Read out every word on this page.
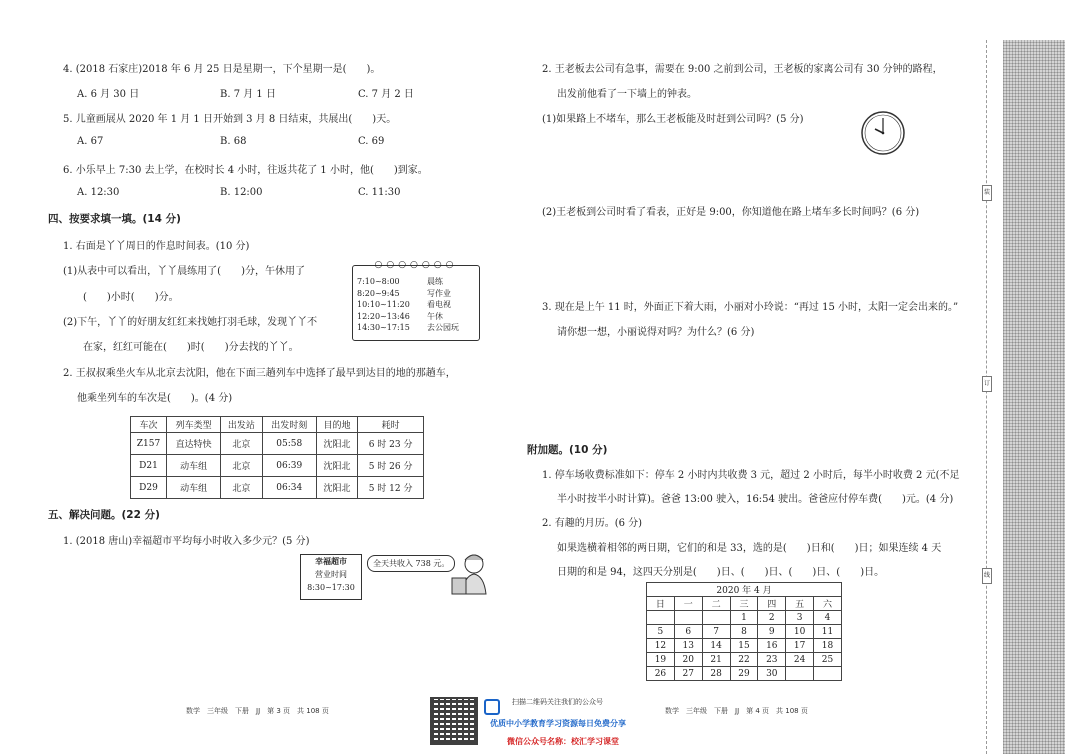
4. (2018 石家庄)2018 年 6 月 25 日是星期一，下个星期一是(　　)。
A. 6 月 30 日	B. 7 月 1 日	C. 7 月 2 日
5. 儿童画展从 2020 年 1 月 1 日开始到 3 月 8 日结束，共展出(　　)天。
A. 67	B. 68	C. 69
6. 小乐早上 7:30 去上学，在校时长 4 小时，往返共花了 1 小时，他(　　)到家。
A. 12:30	B. 12:00	C. 11:30
四、按要求填一填。(14 分)
1. 右面是丫丫周日的作息时间表。(10 分)
(1)从表中可以看出，丫丫晨练用了(　　)分，午休用了
(　　)小时(　　)分。
(2)下午，丫丫的好朋友红红来找她打羽毛球，发现丫丫不
在家，红红可能在(　　)时(　　)分去找的丫丫。
○○○○○○○
7:10~8:00	晨练
8:20~9:45	写作业
10:10~11:20	看电视
12:20~13:46	午休
14:30~17:15	去公园玩
2. 王叔叔乘坐火车从北京去沈阳，他在下面三趟列车中选择了最早到达目的地的那趟车，
他乘坐列车的车次是(　　)。(4 分)
车次	列车类型	出发站	出发时刻	目的地	耗时
Z157	直达特快	北京	05:58	沈阳北	6 时 23 分
D21	动车组	北京	06:39	沈阳北	5 时 26 分
D29	动车组	北京	06:34	沈阳北	5 时 12 分
五、解决问题。(22 分)
1. (2018 唐山)幸福超市平均每小时收入多少元？(5 分)
幸福超市
营业时间
8:30~17:30
全天共收入 738 元。
2. 王老板去公司有急事，需要在 9:00 之前到公司，王老板的家离公司有 30 分钟的路程，
出发前他看了一下墙上的钟表。
(1)如果路上不堵车，那么王老板能及时赶到公司吗？(5 分)
(2)王老板到公司时看了看表，正好是 9:00，你知道他在路上堵车多长时间吗？(6 分)
3. 现在是上午 11 时，外面正下着大雨，小丽对小玲说：“再过 15 小时，太阳一定会出来的。”
请你想一想，小丽说得对吗？为什么？(6 分)
附加题。(10 分)
1. 停车场收费标准如下：停车 2 小时内共收费 3 元，超过 2 小时后，每半小时收费 2 元(不足
半小时按半小时计算)。爸爸 13:00 驶入，16:54 驶出。爸爸应付停车费(　　)元。(4 分)
2. 有趣的月历。(6 分)
如果选横着相邻的两日期，它们的和是 33，选的是(　　)日和(　　)日；如果连续 4 天
日期的和是 94，这四天分别是(　　)日、(　　)日、(　　)日、(　　)日。
2020 年 4 月						
日	一	二	三	四	五	六
			1	2	3	4
5	6	7	8	9	10	11
12	13	14	15	16	17	18
19	20	21	22	23	24	25
26	27	28	29	30		
装
订
线
数学　三年级　下册　JJ　第 3 页　共 108 页	数学　三年级　下册　JJ　第 4 页　共 108 页
扫描二维码关注我们的公众号
优质中小学教育学习资源每日免费分享
微信公众号名称：校汇学习课堂
